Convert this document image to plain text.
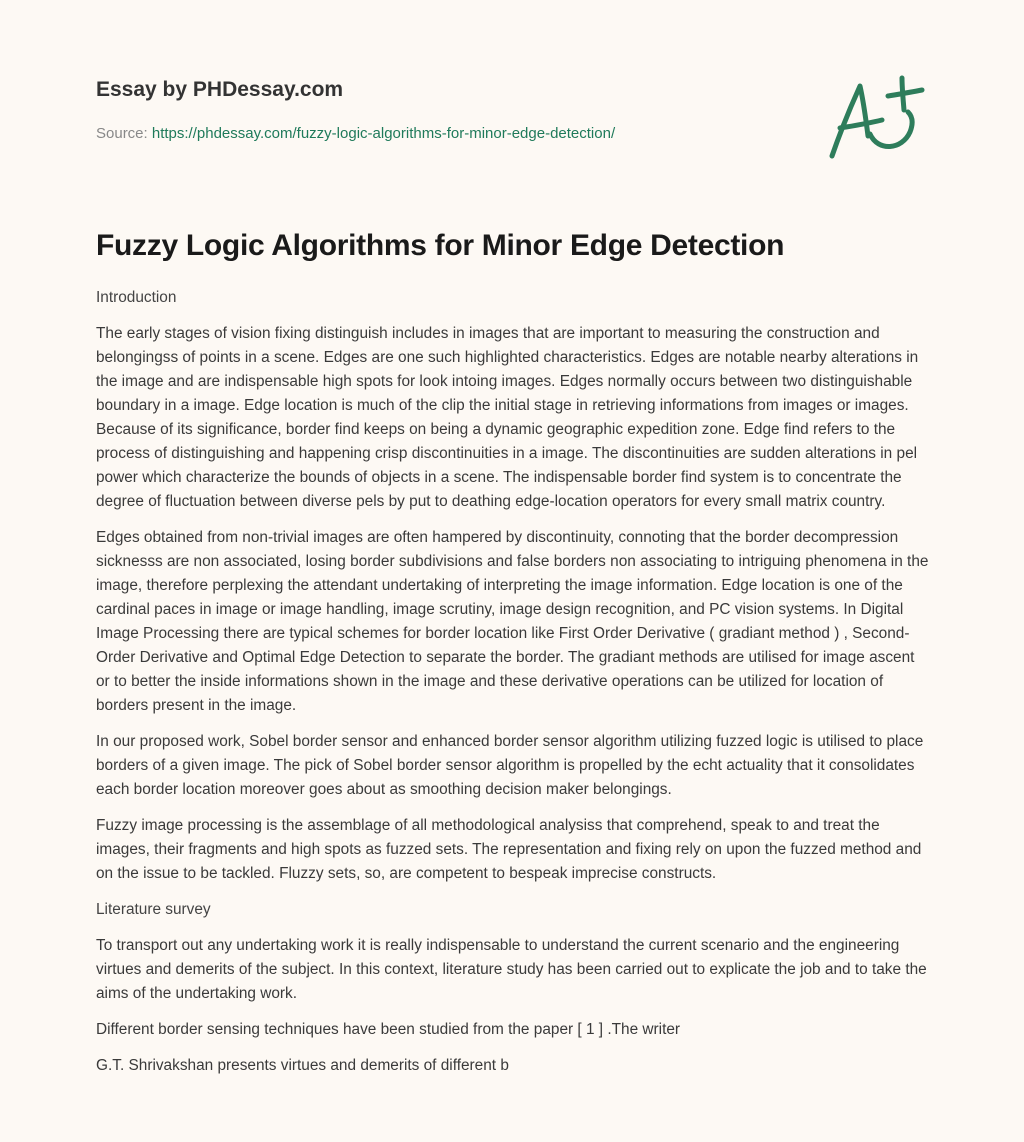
Essay by PHDessay.com
Source: https://phdessay.com/fuzzy-logic-algorithms-for-minor-edge-detection/
Fuzzy Logic Algorithms for Minor Edge Detection

Introduction

The early stages of vision fixing distinguish includes in images that are important to measuring the construction and belongingss of points in a scene. Edges are one such highlighted characteristics. Edges are notable nearby alterations in the image and are indispensable high spots for look intoing images. Edges normally occurs between two distinguishable boundary in a image. Edge location is much of the clip the initial stage in retrieving informations from images or images. Because of its significance, border find keeps on being a dynamic geographic expedition zone. Edge find refers to the process of distinguishing and happening crisp discontinuities in a image. The discontinuities are sudden alterations in pel power which characterize the bounds of objects in a scene. The indispensable border find system is to concentrate the degree of fluctuation between diverse pels by put to deathing edge-location operators for every small matrix country.

Edges obtained from non-trivial images are often hampered by discontinuity, connoting that the border decompression sicknesss are non associated, losing border subdivisions and false borders non associating to intriguing phenomena in the image, therefore perplexing the attendant undertaking of interpreting the image information. Edge location is one of the cardinal paces in image or image handling, image scrutiny, image design recognition, and PC vision systems. In Digital Image Processing there are typical schemes for border location like First Order Derivative ( gradiant method ) , Second-Order Derivative and Optimal Edge Detection to separate the border. The gradiant methods are utilised for image ascent or to better the inside informations shown in the image and these derivative operations can be utilized for location of borders present in the image.

In our proposed work, Sobel border sensor and enhanced border sensor algorithm utilizing fuzzed logic is utilised to place borders of a given image. The pick of Sobel border sensor algorithm is propelled by the echt actuality that it consolidates each border location moreover goes about as smoothing decision maker belongings.

Fuzzy image processing is the assemblage of all methodological analysiss that comprehend, speak to and treat the images, their fragments and high spots as fuzzed sets. The representation and fixing rely on upon the fuzzed method and on the issue to be tackled. Fluzzy sets, so, are competent to bespeak imprecise constructs.

Literature survey

To transport out any undertaking work it is really indispensable to understand the current scenario and the engineering virtues and demerits of the subject. In this context, literature study has been carried out to explicate the job and to take the aims of the undertaking work.

Different border sensing techniques have been studied from the paper [ 1 ] .The writer

G.T. Shrivakshan presents virtues and demerits of different b
